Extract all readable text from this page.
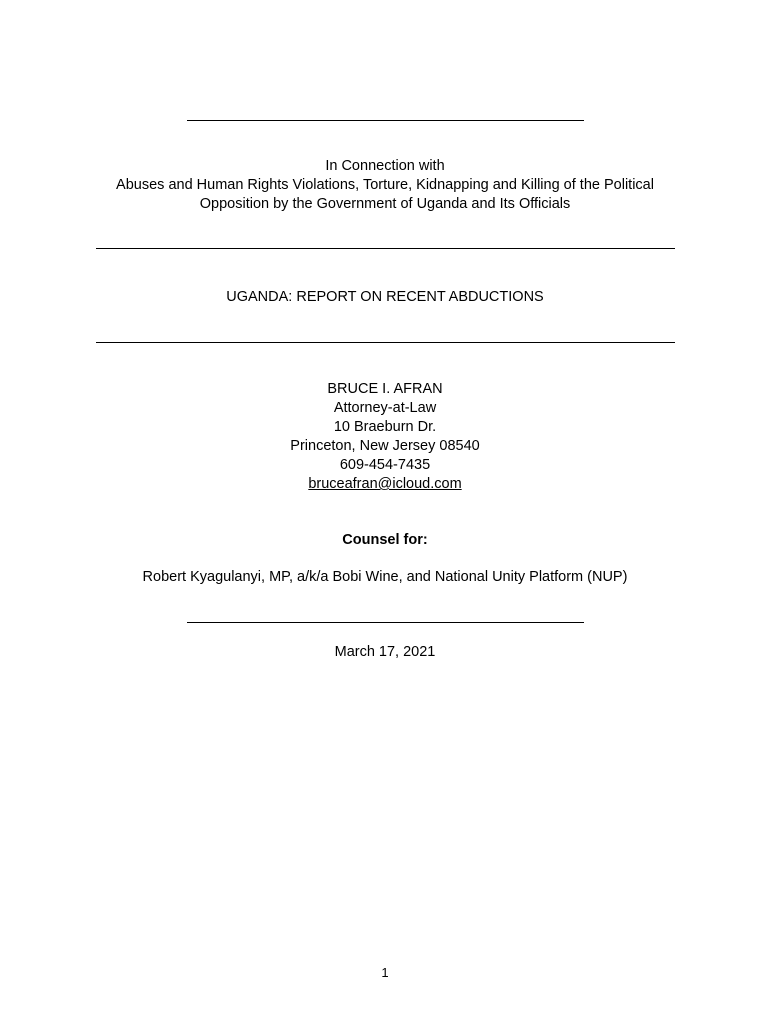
In Connection with
Abuses and Human Rights Violations, Torture, Kidnapping and Killing of the Political
Opposition by the Government of Uganda and Its Officials
UGANDA: REPORT ON RECENT ABDUCTIONS
BRUCE I. AFRAN
Attorney-at-Law
10 Braeburn Dr.
Princeton, New Jersey 08540
609-454-7435
bruceafran@icloud.com
Counsel for:
Robert Kyagulanyi, MP, a/k/a Bobi Wine, and National Unity Platform (NUP)
March 17, 2021
1
